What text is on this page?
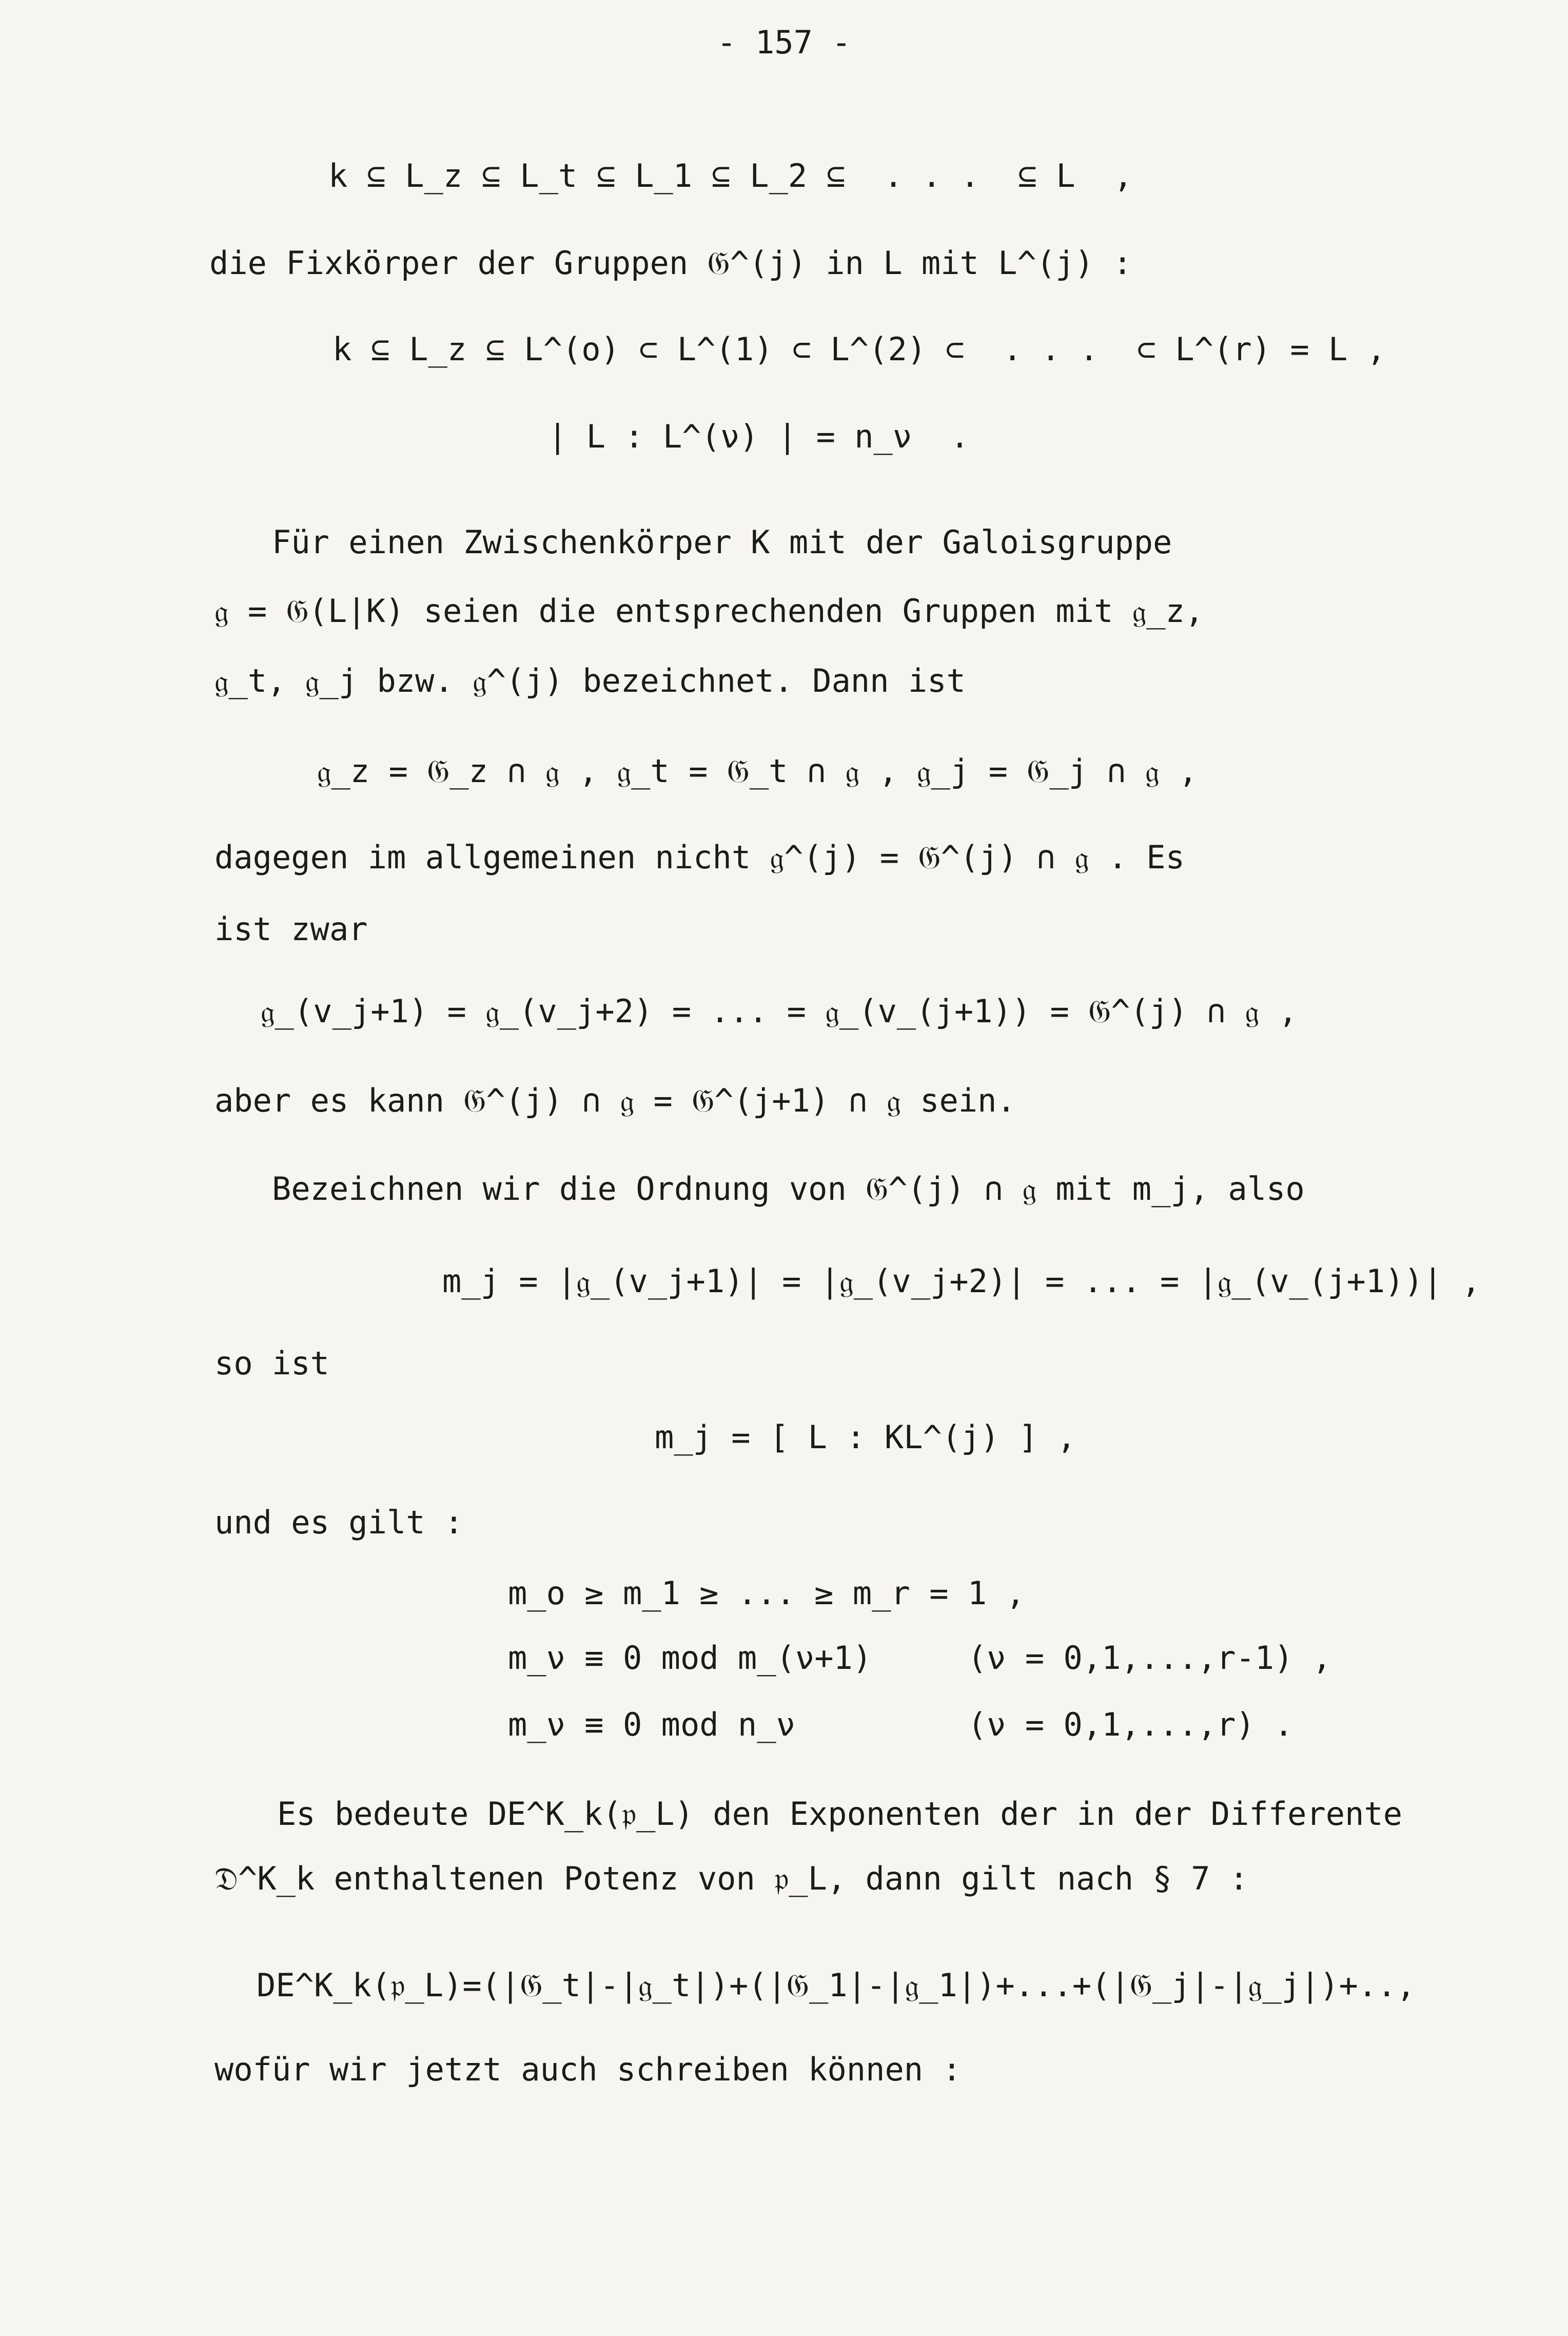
- 157 -
k ⊆ L_z ⊆ L_t ⊆ L_1 ⊆ L_2 ⊆  . . .  ⊆ L  ,
die Fixkörper der Gruppen 𝔊^(j) in L mit L^(j) :
k ⊆ L_z ⊆ L^(o) ⊂ L^(1) ⊂ L^(2) ⊂  . . .  ⊂ L^(r) = L ,
| L : L^(ν) | = n_ν  .
Für einen Zwischenkörper K mit der Galoisgruppe
𝔤 = 𝔊(L|K) seien die entsprechenden Gruppen mit 𝔤_z,
𝔤_t, 𝔤_j bzw. 𝔤^(j) bezeichnet. Dann ist
𝔤_z = 𝔊_z ∩ 𝔤 , 𝔤_t = 𝔊_t ∩ 𝔤 , 𝔤_j = 𝔊_j ∩ 𝔤 ,
dagegen im allgemeinen nicht 𝔤^(j) = 𝔊^(j) ∩ 𝔤 . Es
ist zwar
𝔤_(v_j+1) = 𝔤_(v_j+2) = ... = 𝔤_(v_(j+1)) = 𝔊^(j) ∩ 𝔤 ,
aber es kann 𝔊^(j) ∩ 𝔤 = 𝔊^(j+1) ∩ 𝔤 sein.
Bezeichnen wir die Ordnung von 𝔊^(j) ∩ 𝔤 mit m_j, also
m_j = |𝔤_(v_j+1)| = |𝔤_(v_j+2)| = ... = |𝔤_(v_(j+1))| ,
so ist
m_j = [ L : KL^(j) ] ,
und es gilt :
m_o ≥ m_1 ≥ ... ≥ m_r = 1 ,
m_ν ≡ 0 mod m_(ν+1)     (ν = 0,1,...,r-1) ,
m_ν ≡ 0 mod n_ν         (ν = 0,1,...,r) .
Es bedeute DE^K_k(𝔭_L) den Exponenten der in der Differente
𝔇^K_k enthaltenen Potenz von 𝔭_L, dann gilt nach § 7 :
DE^K_k(𝔭_L)=(|𝔊_t|-|𝔤_t|)+(|𝔊_1|-|𝔤_1|)+...+(|𝔊_j|-|𝔤_j|)+..,
wofür wir jetzt auch schreiben können :
